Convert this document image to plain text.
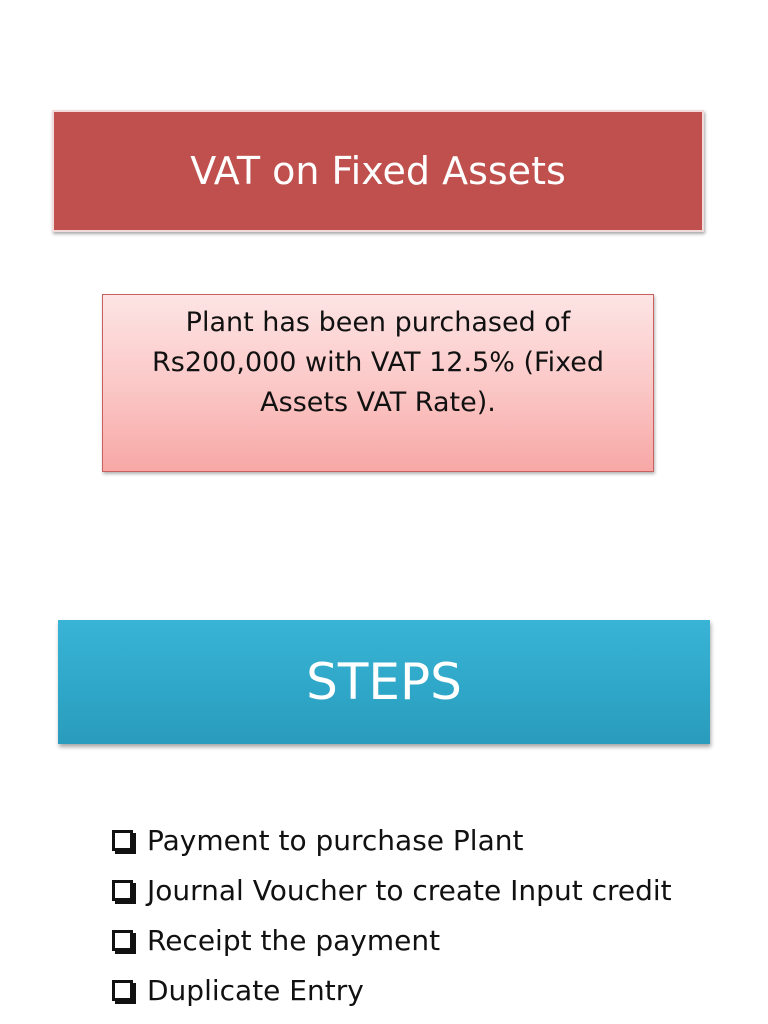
VAT on Fixed Assets
Plant has been purchased of
Rs200,000 with VAT 12.5% (Fixed
Assets VAT Rate).
STEPS
Payment to purchase Plant
Journal Voucher to create Input credit
Receipt the payment
Duplicate Entry
